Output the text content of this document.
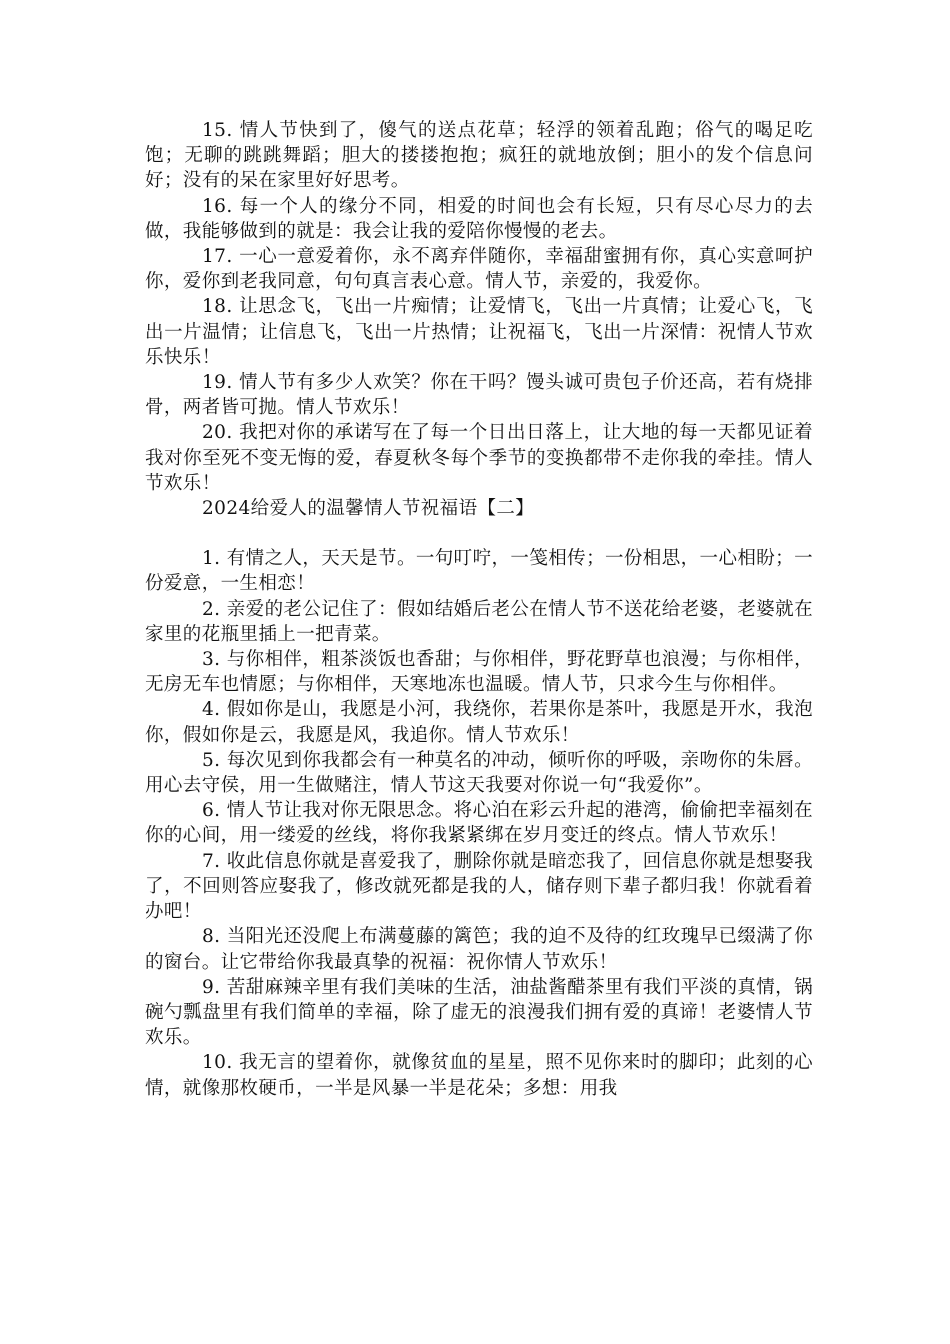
15. 情人节快到了，傻气的送点花草；轻浮的领着乱跑；俗气的喝足吃饱；无聊的跳跳舞蹈；胆大的搂搂抱抱；疯狂的就地放倒；胆小的发个信息问好；没有的呆在家里好好思考。

16. 每一个人的缘分不同，相爱的时间也会有长短，只有尽心尽力的去做，我能够做到的就是：我会让我的爱陪你慢慢的老去。

17. 一心一意爱着你，永不离弃伴随你，幸福甜蜜拥有你，真心实意呵护你，爱你到老我同意，句句真言表心意。情人节，亲爱的，我爱你。

18. 让思念飞，飞出一片痴情；让爱情飞，飞出一片真情；让爱心飞，飞出一片温情；让信息飞，飞出一片热情；让祝福飞，飞出一片深情：祝情人节欢乐快乐！

19. 情人节有多少人欢笑？你在干吗？馒头诚可贵包子价还高，若有烧排骨，两者皆可抛。情人节欢乐！

20. 我把对你的承诺写在了每一个日出日落上，让大地的每一天都见证着我对你至死不变无悔的爱，春夏秋冬每个季节的变换都带不走你我的牵挂。情人节欢乐！

2024给爱人的温馨情人节祝福语【二】

1. 有情之人，天天是节。一句叮咛，一笺相传；一份相思，一心相盼；一份爱意，一生相恋！

2. 亲爱的老公记住了：假如结婚后老公在情人节不送花给老婆，老婆就在家里的花瓶里插上一把青菜。

3. 与你相伴，粗茶淡饭也香甜；与你相伴，野花野草也浪漫；与你相伴，无房无车也情愿；与你相伴，天寒地冻也温暖。情人节，只求今生与你相伴。

4. 假如你是山，我愿是小河，我绕你，若果你是茶叶，我愿是开水，我泡你，假如你是云，我愿是风，我追你。情人节欢乐！

5. 每次见到你我都会有一种莫名的冲动，倾听你的呼吸，亲吻你的朱唇。用心去守侯，用一生做赌注，情人节这天我要对你说一句“我爱你”。

6. 情人节让我对你无限思念。将心泊在彩云升起的港湾，偷偷把幸福刻在你的心间，用一缕爱的丝线，将你我紧紧绑在岁月变迁的终点。情人节欢乐！

7. 收此信息你就是喜爱我了，删除你就是暗恋我了，回信息你就是想娶我了，不回则答应娶我了，修改就死都是我的人，储存则下辈子都归我！你就看着办吧！

8. 当阳光还没爬上布满蔓藤的篱笆；我的迫不及待的红玫瑰早已缀满了你的窗台。让它带给你我最真挚的祝福：祝你情人节欢乐！

9. 苦甜麻辣辛里有我们美味的生活，油盐酱醋茶里有我们平淡的真情，锅碗勺瓢盘里有我们简单的幸福，除了虚无的浪漫我们拥有爱的真谛！老婆情人节欢乐。

10. 我无言的望着你，就像贫血的星星，照不见你来时的脚印；此刻的心情，就像那枚硬币，一半是风暴一半是花朵；多想：用我
